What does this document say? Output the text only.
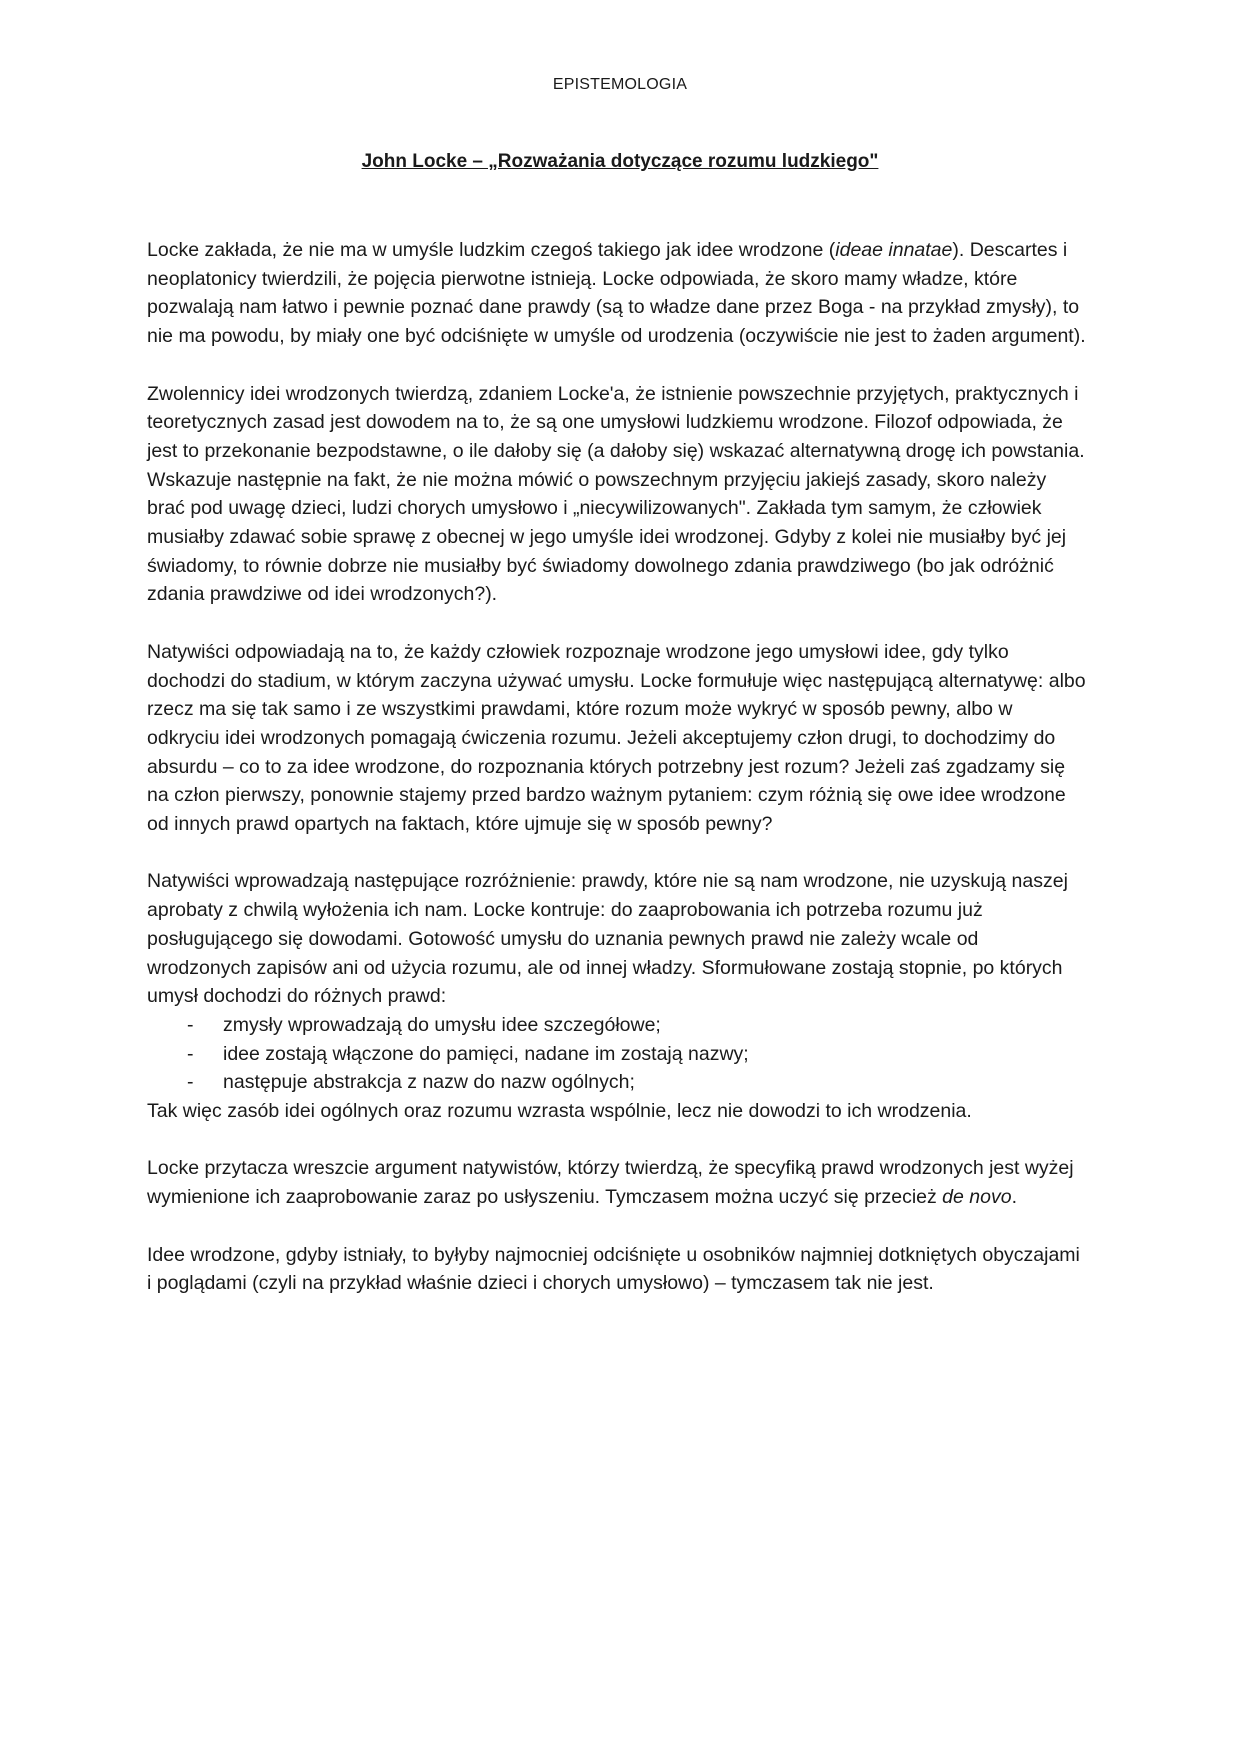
EPISTEMOLOGIA
John Locke – „Rozważania dotyczące rozumu ludzkiego"

Locke zakłada, że nie ma w umyśle ludzkim czegoś takiego jak idee wrodzone (ideae innatae). Descartes i neoplatonicy twierdzili, że pojęcia pierwotne istnieją. Locke odpowiada, że skoro mamy władze, które pozwalają nam łatwo i pewnie poznać dane prawdy (są to władze dane przez Boga - na przykład zmysły), to nie ma powodu, by miały one być odciśnięte w umyśle od urodzenia (oczywiście nie jest to żaden argument).

Zwolennicy idei wrodzonych twierdzą, zdaniem Locke'a, że istnienie powszechnie przyjętych, praktycznych i teoretycznych zasad jest dowodem na to, że są one umysłowi ludzkiemu wrodzone. Filozof odpowiada, że jest to przekonanie bezpodstawne, o ile dałoby się (a dałoby się) wskazać alternatywną drogę ich powstania. Wskazuje następnie na fakt, że nie można mówić o powszechnym przyjęciu jakiejś zasady, skoro należy brać pod uwagę dzieci, ludzi chorych umysłowo i „niecywilizowanych". Zakłada tym samym, że człowiek musiałby zdawać sobie sprawę z obecnej w jego umyśle idei wrodzonej. Gdyby z kolei nie musiałby być jej świadomy, to równie dobrze nie musiałby być świadomy dowolnego zdania prawdziwego (bo jak odróżnić zdania prawdziwe od idei wrodzonych?).

Natywiści odpowiadają na to, że każdy człowiek rozpoznaje wrodzone jego umysłowi idee, gdy tylko dochodzi do stadium, w którym zaczyna używać umysłu. Locke formułuje więc następującą alternatywę: albo rzecz ma się tak samo i ze wszystkimi prawdami, które rozum może wykryć w sposób pewny, albo w odkryciu idei wrodzonych pomagają ćwiczenia rozumu. Jeżeli akceptujemy człon drugi, to dochodzimy do absurdu – co to za idee wrodzone, do rozpoznania których potrzebny jest rozum? Jeżeli zaś zgadzamy się na człon pierwszy, ponownie stajemy przed bardzo ważnym pytaniem: czym różnią się owe idee wrodzone od innych prawd opartych na faktach, które ujmuje się w sposób pewny?

Natywiści wprowadzają następujące rozróżnienie: prawdy, które nie są nam wrodzone, nie uzyskują naszej aprobaty z chwilą wyłożenia ich nam. Locke kontruje: do zaaprobowania ich potrzeba rozumu już posługującego się dowodami. Gotowość umysłu do uznania pewnych prawd nie zależy wcale od wrodzonych zapisów ani od użycia rozumu, ale od innej władzy. Sformułowane zostają stopnie, po których umysł dochodzi do różnych prawd:

- zmysły wprowadzają do umysłu idee szczegółowe;
- idee zostają włączone do pamięci, nadane im zostają nazwy;
- następuje abstrakcja z nazw do nazw ogólnych;

Tak więc zasób idei ogólnych oraz rozumu wzrasta wspólnie, lecz nie dowodzi to ich wrodzenia.

Locke przytacza wreszcie argument natywistów, którzy twierdzą, że specyfiką prawd wrodzonych jest wyżej wymienione ich zaaprobowanie zaraz po usłyszeniu. Tymczasem można uczyć się przecież de novo.

Idee wrodzone, gdyby istniały, to byłyby najmocniej odciśnięte u osobników najmniej dotkniętych obyczajami i poglądami (czyli na przykład właśnie dzieci i chorych umysłowo) – tymczasem tak nie jest.
